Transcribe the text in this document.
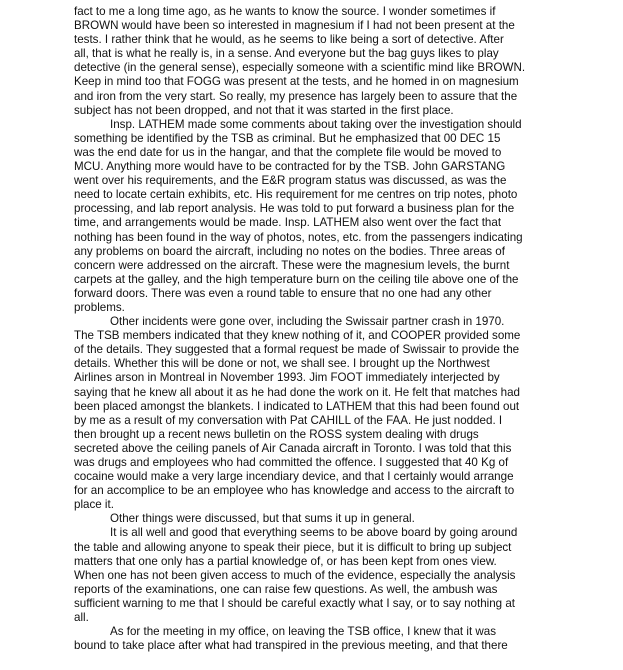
fact to me a long time ago, as he wants to know the source. I wonder sometimes if
BROWN would have been so interested in magnesium if I had not been present at the
tests. I rather think that he would, as he seems to like being a sort of detective. After
all, that is what he really is, in a sense. And everyone but the bag guys likes to play
detective (in the general sense), especially someone with a scientific mind like BROWN.
Keep in mind too that FOGG was present at the tests, and he homed in on magnesium
and iron from the very start. So really, my presence has largely been to assure that the
subject has not been dropped, and not that it was started in the first place.

Insp. LATHEM made some comments about taking over the investigation should
something be identified by the TSB as criminal. But he emphasized that 00 DEC 15
was the end date for us in the hangar, and that the complete file would be moved to
MCU. Anything more would have to be contracted for by the TSB. John GARSTANG
went over his requirements, and the E&R program status was discussed, as was the
need to locate certain exhibits, etc. His requirement for me centres on trip notes, photo
processing, and lab report analysis. He was told to put forward a business plan for the
time, and arrangements would be made. Insp. LATHEM also went over the fact that
nothing has been found in the way of photos, notes, etc. from the passengers indicating
any problems on board the aircraft, including no notes on the bodies. Three areas of
concern were addressed on the aircraft. These were the magnesium levels, the burnt
carpets at the galley, and the high temperature burn on the ceiling tile above one of the
forward doors. There was even a round table to ensure that no one had any other
problems.

Other incidents were gone over, including the Swissair partner crash in 1970.
The TSB members indicated that they knew nothing of it, and COOPER provided some
of the details. They suggested that a formal request be made of Swissair to provide the
details. Whether this will be done or not, we shall see. I brought up the Northwest
Airlines arson in Montreal in November 1993. Jim FOOT immediately interjected by
saying that he knew all about it as he had done the work on it. He felt that matches had
been placed amongst the blankets. I indicated to LATHEM that this had been found out
by me as a result of my conversation with Pat CAHILL of the FAA. He just nodded. I
then brought up a recent news bulletin on the ROSS system dealing with drugs
secreted above the ceiling panels of Air Canada aircraft in Toronto. I was told that this
was drugs and employees who had committed the offence. I suggested that 40 Kg of
cocaine would make a very large incendiary device, and that I certainly would arrange
for an accomplice to be an employee who has knowledge and access to the aircraft to
place it.

Other things were discussed, but that sums it up in general.

It is all well and good that everything seems to be above board by going around
the table and allowing anyone to speak their piece, but it is difficult to bring up subject
matters that one only has a partial knowledge of, or has been kept from ones view.
When one has not been given access to much of the evidence, especially the analysis
reports of the examinations, one can raise few questions. As well, the ambush was
sufficient warning to me that I should be careful exactly what I say, or to say nothing at
all.

As for the meeting in my office, on leaving the TSB office, I knew that it was
bound to take place after what had transpired in the previous meeting, and that there
